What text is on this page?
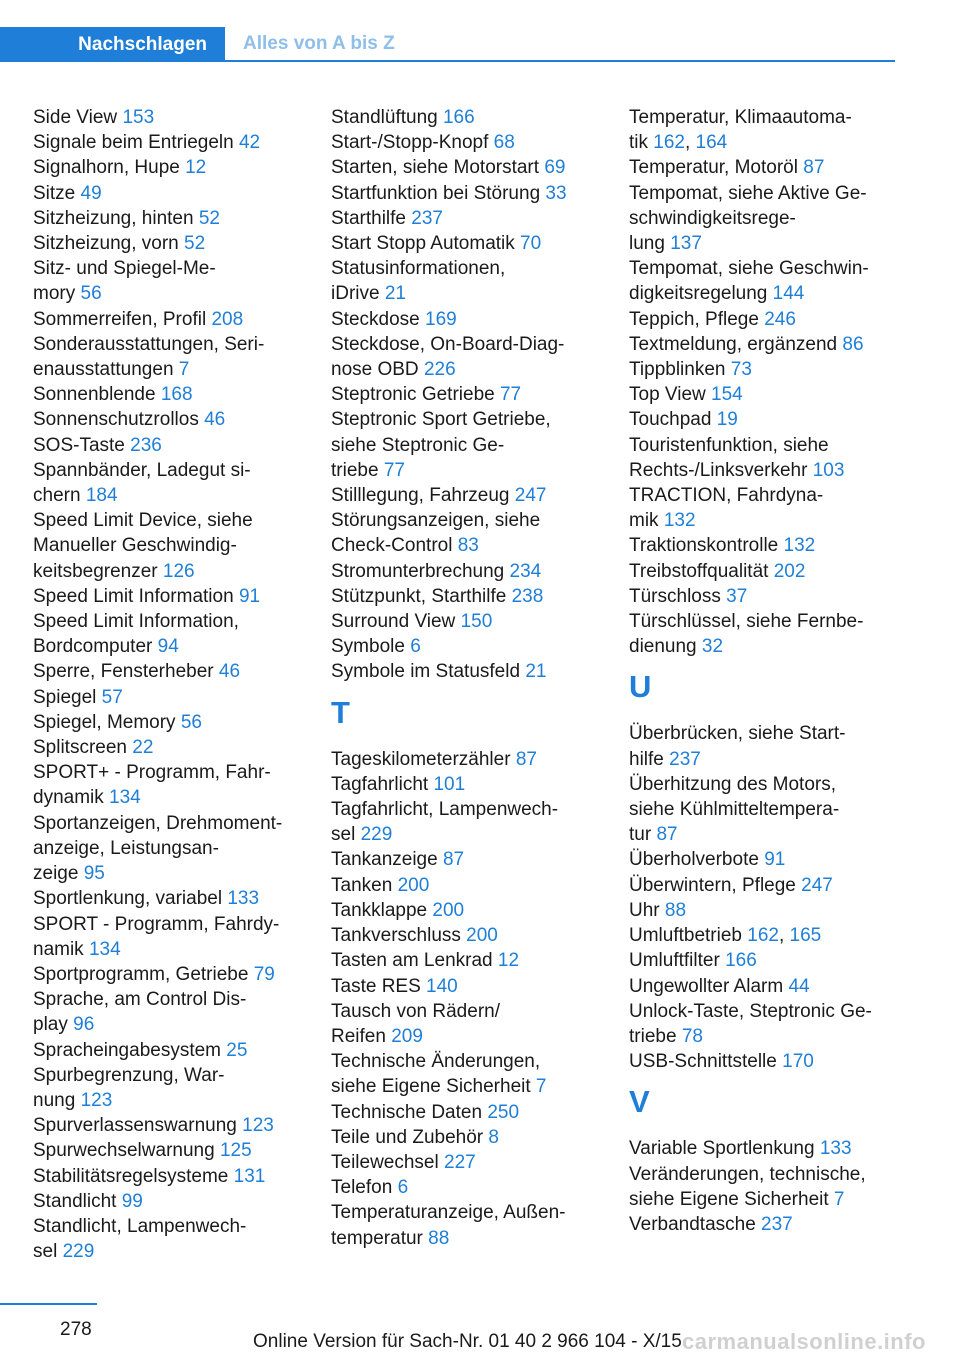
Nachschlagen	Alles von A bis Z
Side View 153
Signale beim Entriegeln 42
Signalhorn, Hupe 12
Sitze 49
Sitzheizung, hinten 52
Sitzheizung, vorn 52
Sitz- und Spiegel-Me-
mory 56
Sommerreifen, Profil 208
Sonderausstattungen, Seri-
enausstattungen 7
Sonnenblende 168
Sonnenschutzrollos 46
SOS-Taste 236
Spannbänder, Ladegut si-
chern 184
Speed Limit Device, siehe
Manueller Geschwindig-
keitsbegrenzer 126
Speed Limit Information 91
Speed Limit Information,
Bordcomputer 94
Sperre, Fensterheber 46
Spiegel 57
Spiegel, Memory 56
Splitscreen 22
SPORT+ - Programm, Fahr-
dynamik 134
Sportanzeigen, Drehmoment-
anzeige, Leistungsan-
zeige 95
Sportlenkung, variabel 133
SPORT - Programm, Fahrdy-
namik 134
Sportprogramm, Getriebe 79
Sprache, am Control Dis-
play 96
Spracheingabesystem 25
Spurbegrenzung, War-
nung 123
Spurverlassenswarnung 123
Spurwechselwarnung 125
Stabilitätsregelsysteme 131
Standlicht 99
Standlicht, Lampenwech-
sel 229
Standlüftung 166
Start-/Stopp-Knopf 68
Starten, siehe Motorstart 69
Startfunktion bei Störung 33
Starthilfe 237
Start Stopp Automatik 70
Statusinformationen,
iDrive 21
Steckdose 169
Steckdose, On-Board-Diag-
nose OBD 226
Steptronic Getriebe 77
Steptronic Sport Getriebe,
siehe Steptronic Ge-
triebe 77
Stilllegung, Fahrzeug 247
Störungsanzeigen, siehe
Check-Control 83
Stromunterbrechung 234
Stützpunkt, Starthilfe 238
Surround View 150
Symbole 6
Symbole im Statusfeld 21
T
Tageskilometerzähler 87
Tagfahrlicht 101
Tagfahrlicht, Lampenwech-
sel 229
Tankanzeige 87
Tanken 200
Tankklappe 200
Tankverschluss 200
Tasten am Lenkrad 12
Taste RES 140
Tausch von Rädern/
Reifen 209
Technische Änderungen,
siehe Eigene Sicherheit 7
Technische Daten 250
Teile und Zubehör 8
Teilewechsel 227
Telefon 6
Temperaturanzeige, Außen-
temperatur 88
Temperatur, Klimaautoma-
tik 162, 164
Temperatur, Motoröl 87
Tempomat, siehe Aktive Ge-
schwindigkeitsrege-
lung 137
Tempomat, siehe Geschwin-
digkeitsregelung 144
Teppich, Pflege 246
Textmeldung, ergänzend 86
Tippblinken 73
Top View 154
Touchpad 19
Touristenfunktion, siehe
Rechts-/Linksverkehr 103
TRACTION, Fahrdyna-
mik 132
Traktionskontrolle 132
Treibstoffqualität 202
Türschloss 37
Türschlüssel, siehe Fernbe-
dienung 32
U
Überbrücken, siehe Start-
hilfe 237
Überhitzung des Motors,
siehe Kühlmitteltempera-
tur 87
Überholverbote 91
Überwintern, Pflege 247
Uhr 88
Umluftbetrieb 162, 165
Umluftfilter 166
Ungewollter Alarm 44
Unlock-Taste, Steptronic Ge-
triebe 78
USB-Schnittstelle 170
V
Variable Sportlenkung 133
Veränderungen, technische,
siehe Eigene Sicherheit 7
Verbandtasche 237
278
Online Version für Sach-Nr. 01 40 2 966 104 - X/15 carmanualsonline.info
